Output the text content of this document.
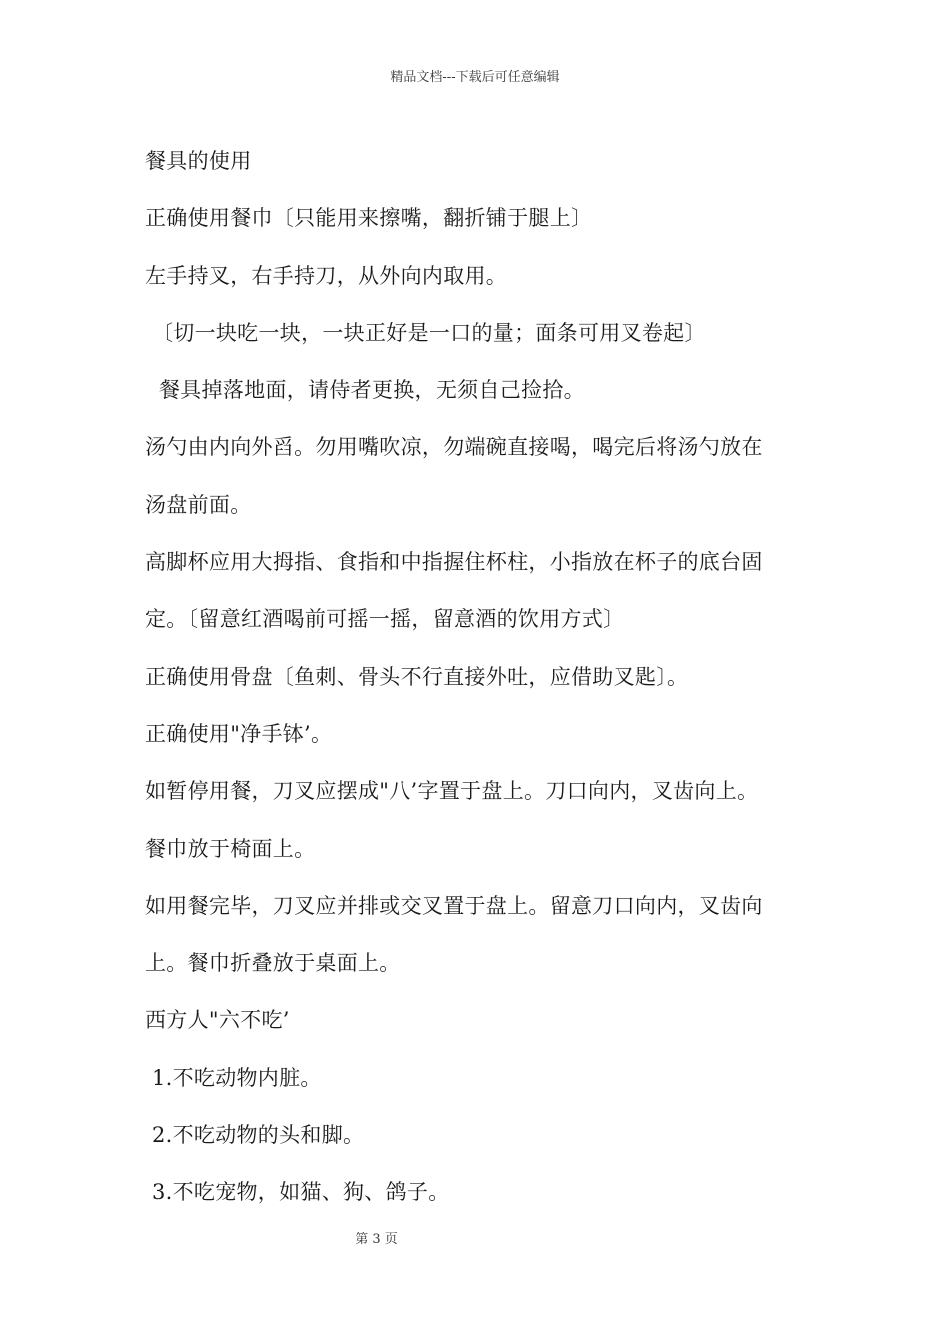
精品文档---下载后可任意编辑
餐具的使用
正确使用餐巾〔只能用来擦嘴，翻折铺于腿上〕
左手持叉，右手持刀，从外向内取用。
〔切一块吃一块，一块正好是一口的量；面条可用叉卷起〕
餐具掉落地面，请侍者更换，无须自己捡拾。
汤勺由内向外舀。勿用嘴吹凉，勿端碗直接喝，喝完后将汤勺放在
汤盘前面。
高脚杯应用大拇指、食指和中指握住杯柱，小指放在杯子的底台固
定。〔留意红酒喝前可摇一摇，留意酒的饮用方式〕
正确使用骨盘〔鱼刺、骨头不行直接外吐，应借助叉匙〕。
正确使用"净手钵’。
如暂停用餐，刀叉应摆成"八’字置于盘上。刀口向内，叉齿向上。
餐巾放于椅面上。
如用餐完毕，刀叉应并排或交叉置于盘上。留意刀口向内，叉齿向
上。餐巾折叠放于桌面上。
西方人"六不吃’
1.不吃动物内脏。
2.不吃动物的头和脚。
3.不吃宠物，如猫、狗、鸽子。
第 3 页
